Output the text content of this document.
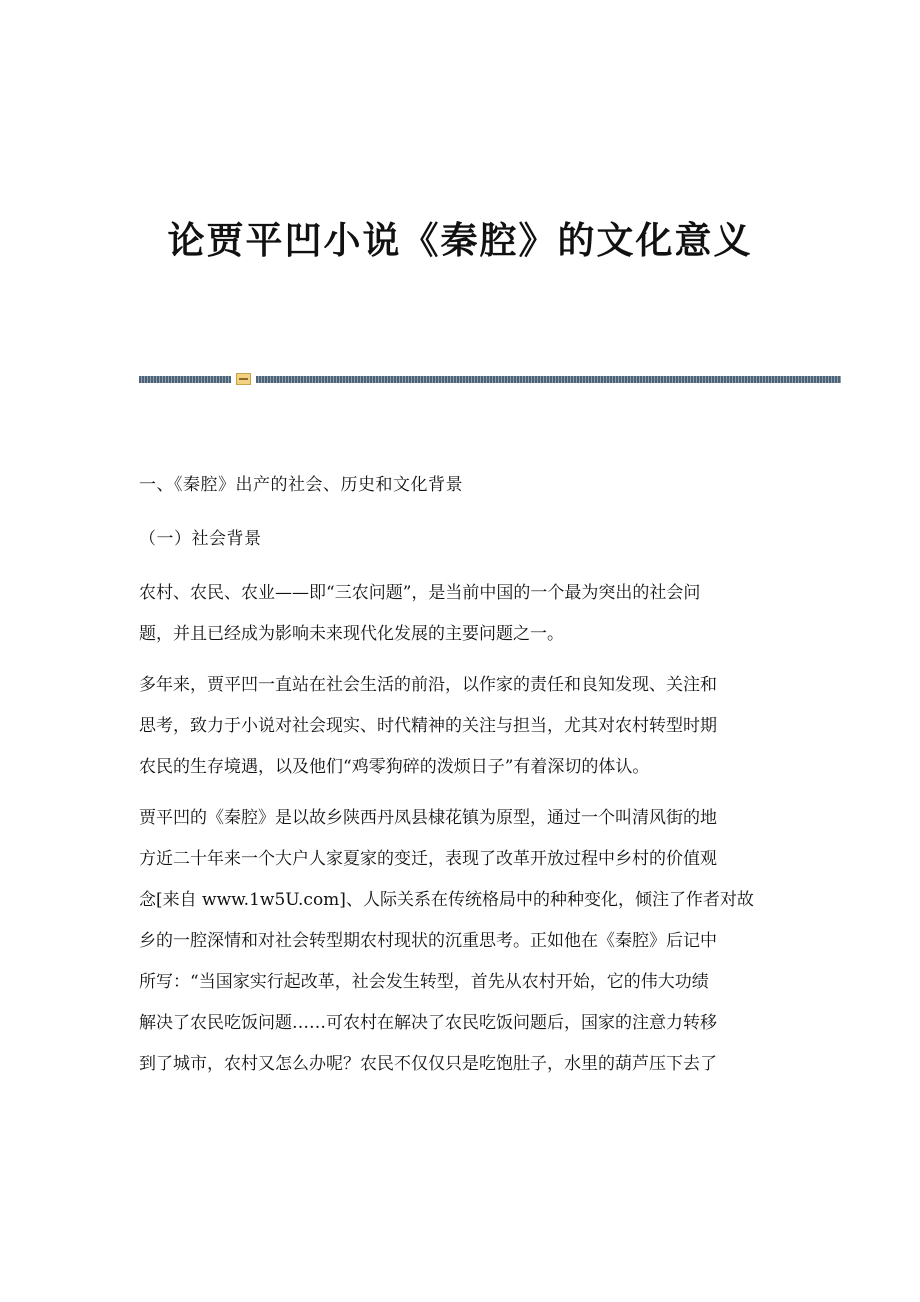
论贾平凹小说《秦腔》的文化意义
一、《秦腔》出产的社会、历史和文化背景
（一）社会背景
农村、农民、农业——即“三农问题”，是当前中国的一个最为突出的社会问
题，并且已经成为影响未来现代化发展的主要问题之一。
多年来，贾平凹一直站在社会生活的前沿，以作家的责任和良知发现、关注和
思考，致力于小说对社会现实、时代精神的关注与担当，尤其对农村转型时期
农民的生存境遇，以及他们“鸡零狗碎的泼烦日子”有着深切的体认。
贾平凹的《秦腔》是以故乡陕西丹凤县棣花镇为原型，通过一个叫清风街的地
方近二十年来一个大户人家夏家的变迁，表现了改革开放过程中乡村的价值观
念[来自 www.1w5U.com]、人际关系在传统格局中的种种变化，倾注了作者对故
乡的一腔深情和对社会转型期农村现状的沉重思考。正如他在《秦腔》后记中
所写：“当国家实行起改革，社会发生转型，首先从农村开始，它的伟大功绩
解决了农民吃饭问题……可农村在解决了农民吃饭问题后，国家的注意力转移
到了城市，农村又怎么办呢？农民不仅仅只是吃饱肚子，水里的葫芦压下去了
